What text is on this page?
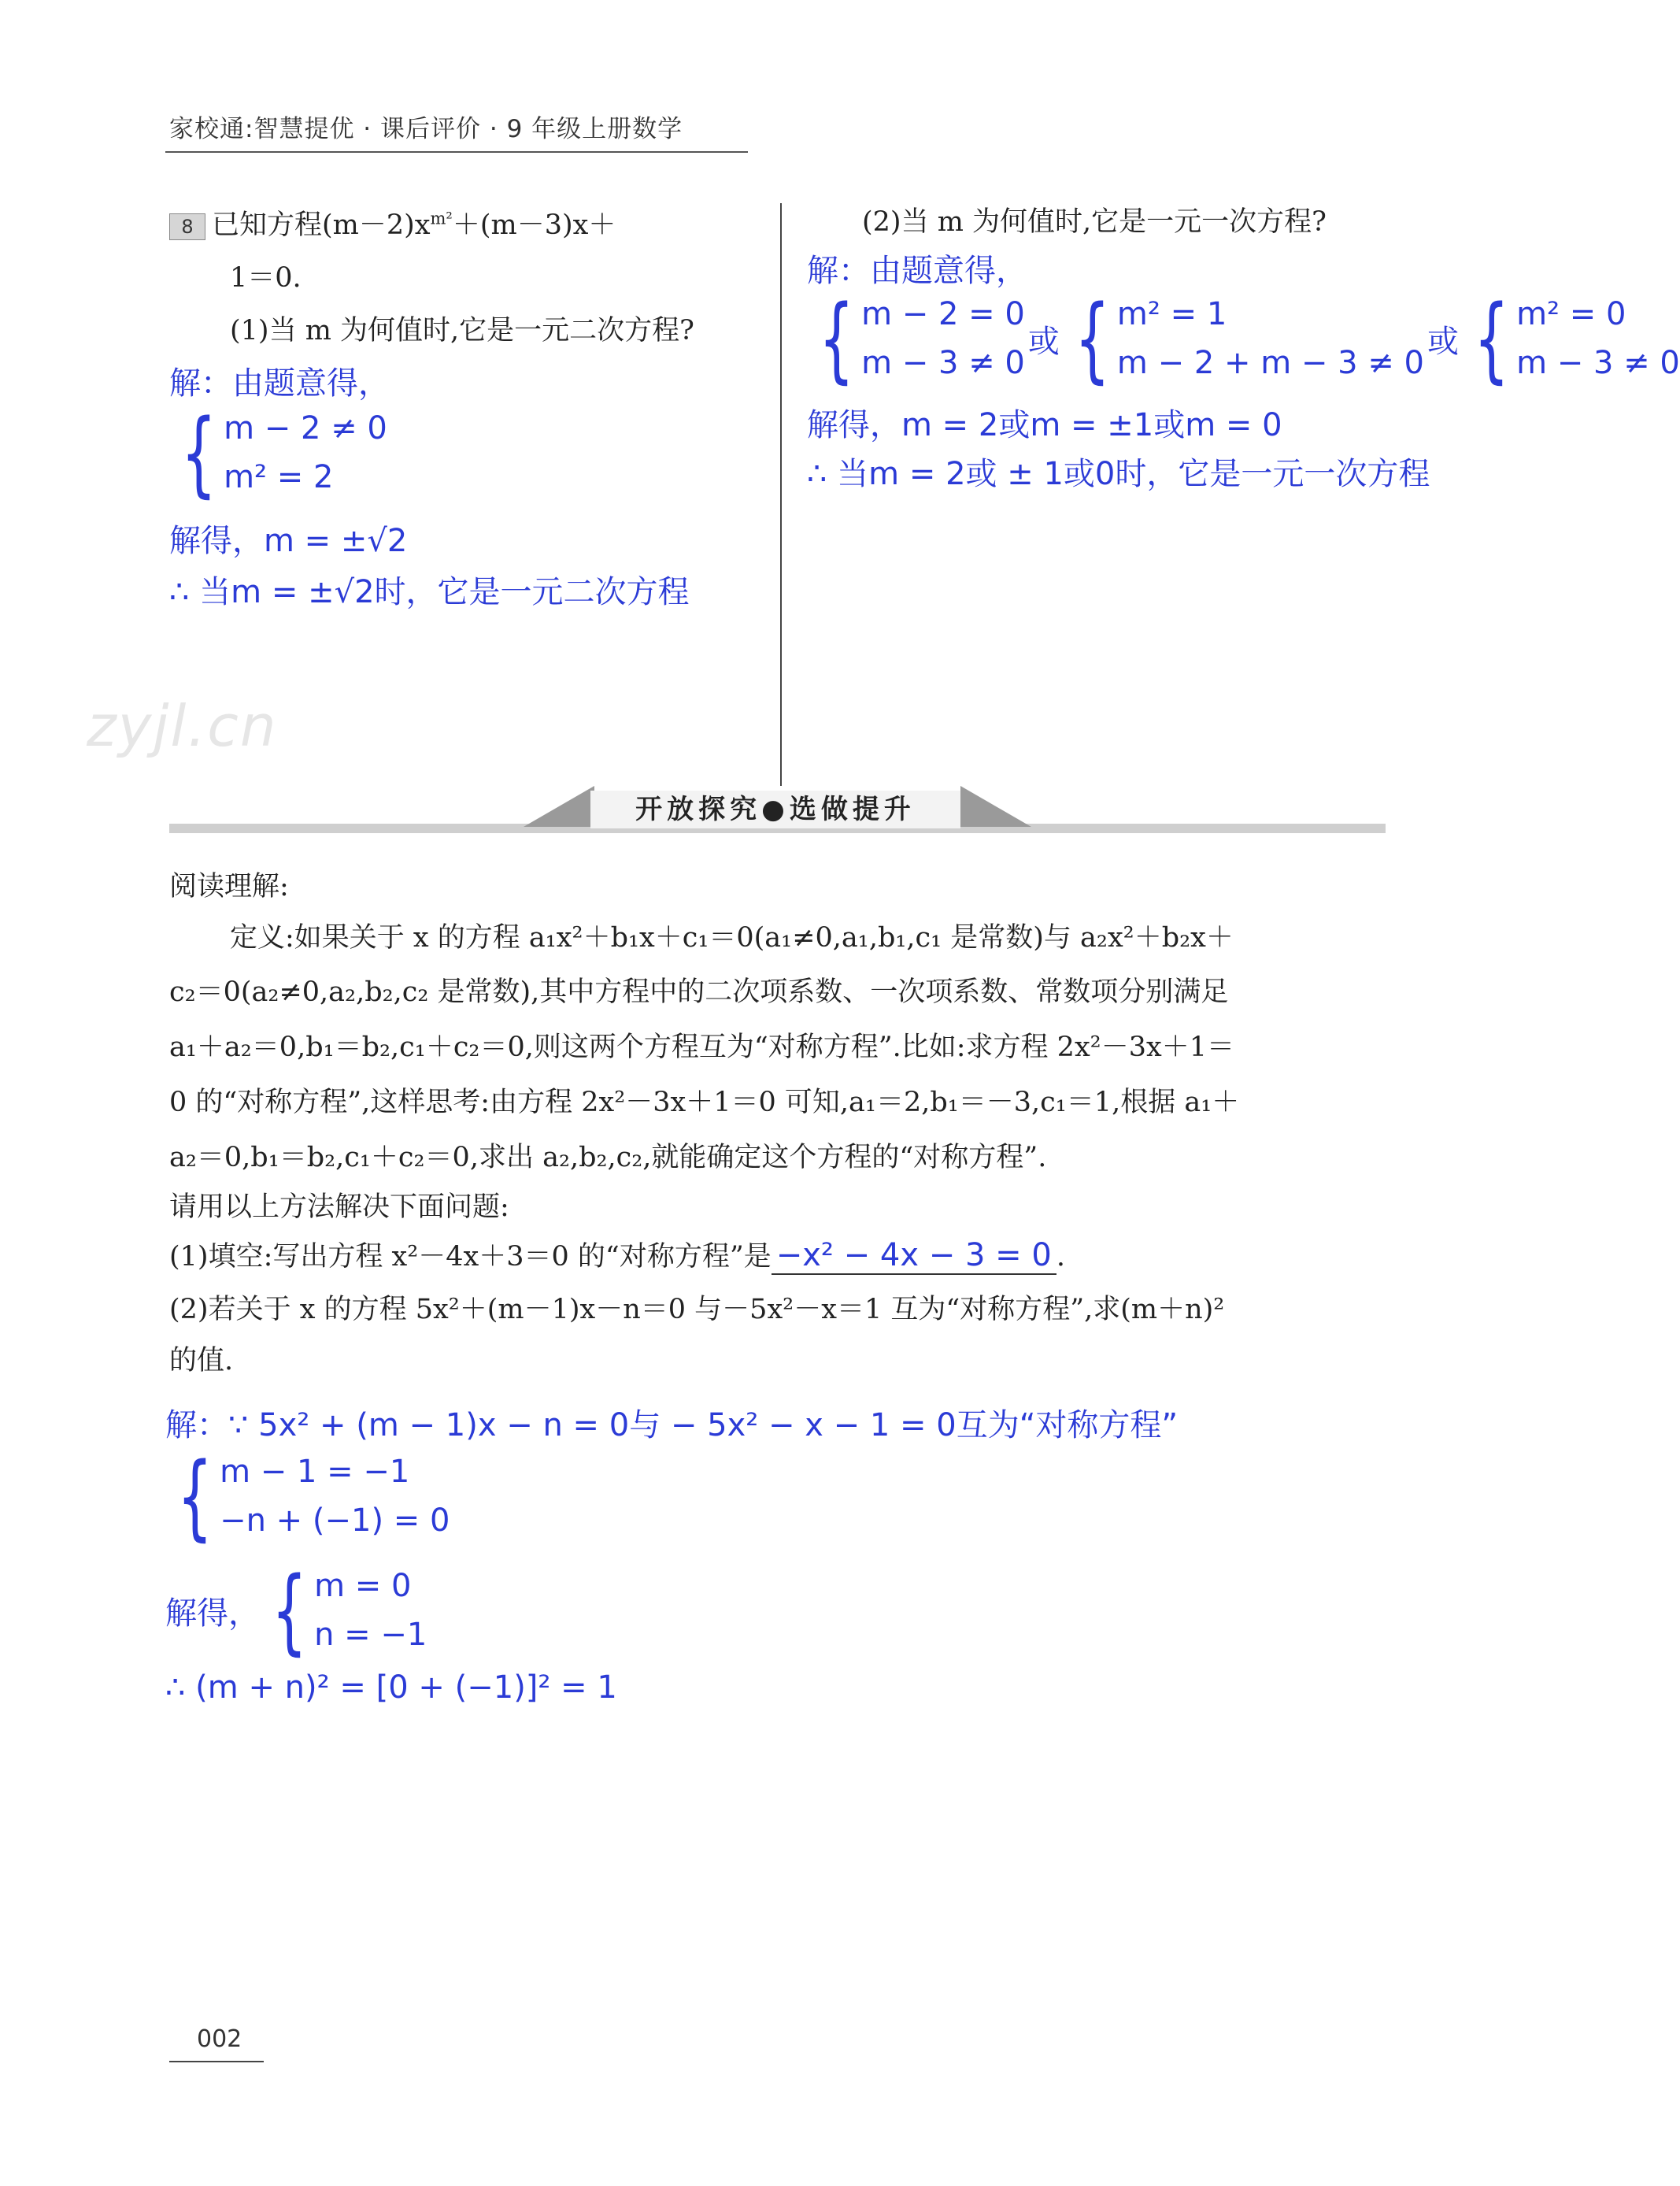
家校通:智慧提优 · 课后评价 · 9 年级上册数学
8 已知方程$(m-2)x^{m^2}+(m-3)x+$
1＝0.
(1)当 m 为何值时,它是一元二次方程?
解：由题意得，
{ m − 2 ≠ 0
m² = 2
解得，m = ±√2
∴ 当m = ±√2时，它是一元二次方程
(2)当 m 为何值时,它是一元一次方程?
解：由题意得，
{ m − 2 = 0
m − 3 ≠ 0
或 { m² = 1
m − 2 + m − 3 ≠ 0
或 { m² = 0
m − 3 ≠ 0
解得，m = 2或m = ±1或m = 0
∴ 当m = 2或 ± 1或0时，它是一元一次方程
zyjl.cn
开放探究●选做提升
阅读理解:
定义:如果关于 x 的方程 a₁x²＋b₁x＋c₁＝0(a₁≠0,a₁,b₁,c₁ 是常数)与 a₂x²＋b₂x＋
c₂＝0(a₂≠0,a₂,b₂,c₂ 是常数),其中方程中的二次项系数、一次项系数、常数项分别满足
a₁＋a₂＝0,b₁＝b₂,c₁＋c₂＝0,则这两个方程互为“对称方程”.比如:求方程 2x²－3x＋1＝
0 的“对称方程”,这样思考:由方程 2x²－3x＋1＝0 可知,a₁＝2,b₁＝－3,c₁＝1,根据 a₁＋
a₂＝0,b₁＝b₂,c₁＋c₂＝0,求出 a₂,b₂,c₂,就能确定这个方程的“对称方程”.
请用以上方法解决下面问题:
(1)填空:写出方程 x²－4x＋3＝0 的“对称方程”是 −x² − 4x − 3 = 0 .
(2)若关于 x 的方程 5x²＋(m－1)x－n＝0 与－5x²－x＝1 互为“对称方程”,求(m＋n)²
的值.
解：∵ 5x² + (m − 1)x − n = 0与 − 5x² − x − 1 = 0互为“对称方程”
{ m − 1 = −1
−n + (−1) = 0
解得， { m = 0
n = −1
∴ (m + n)² = [0 + (−1)]² = 1
002
